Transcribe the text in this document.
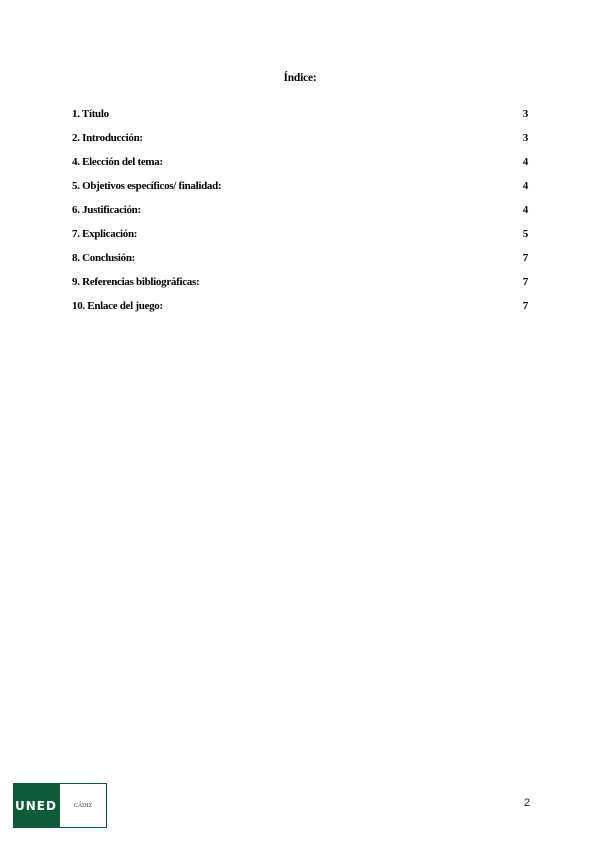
Índice:
1. Título	3
2. Introducción:	3
4. Elección del tema:	4
5. Objetivos específicos/ finalidad:	4
6. Justificación:	4
7. Explicación:	5
8. Conclusión:	7
9. Referencias bibliográficas:	7
10. Enlace del juego:	7
UNED	CÁDIZ	2
